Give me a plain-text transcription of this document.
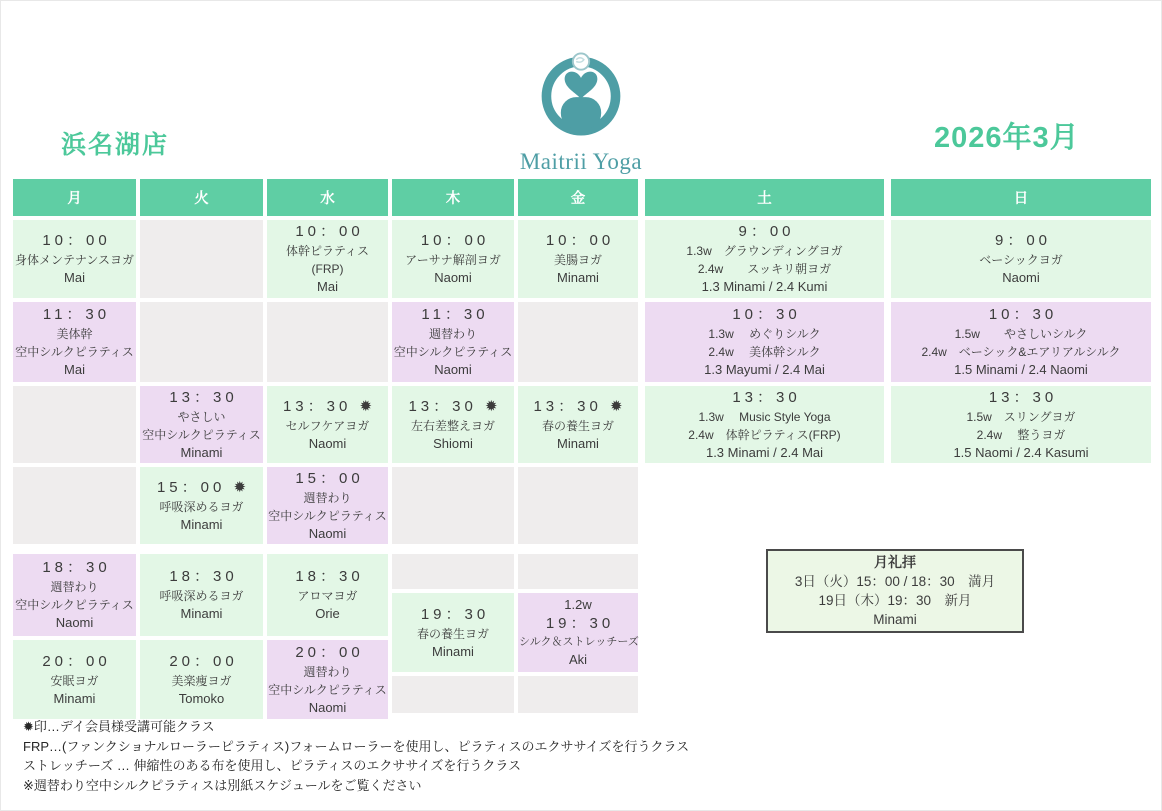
浜名湖店
Maitrii Yoga
2026年3月
月
10：00
身体メンテナンスヨガ
Mai
11：30
美体幹
空中シルクピラティス
Mai
18：30
週替わり
空中シルクピラティス
Naomi
20：00
安眠ヨガ
Minami
火
13：30
やさしい
空中シルクピラティス
Minami
15：00 ✹
呼吸深めるヨガ
Minami
18：30
呼吸深めるヨガ
Minami
20：00
美楽痩ヨガ
Tomoko
水
10：00
体幹ピラティス
(FRP)
Mai
13：30 ✹
セルフケアヨガ
Naomi
15：00
週替わり
空中シルクピラティス
Naomi
18：30
アロマヨガ
Orie
20：00
週替わり
空中シルクピラティス
Naomi
木
10：00
アーサナ解剖ヨガ
Naomi
11：30
週替わり
空中シルクピラティス
Naomi
13：30 ✹
左右差整えヨガ
Shiomi
19：30
春の養生ヨガ
Minami
金
10：00
美腸ヨガ
Minami
13：30 ✹
春の養生ヨガ
Minami
1.2w
19：30
シルク＆ストレッチーズ
Aki
土
9：00
1.3w　グラウンディングヨガ
2.4w　　スッキリ朝ヨガ
1.3 Minami / 2.4 Kumi
10：30
1.3w　 めぐりシルク
2.4w　 美体幹シルク
1.3 Mayumi / 2.4 Mai
13：30
1.3w　 Music Style Yoga
2.4w　体幹ピラティス(FRP)
1.3 Minami / 2.4 Mai
日
9：00
ベーシックヨガ
Naomi
10：30
1.5w　　やさしいシルク
2.4w　ベーシック&エアリアルシルク
1.5 Minami / 2.4 Naomi
13：30
1.5w　スリングヨガ
2.4w　 整うヨガ
1.5 Naomi / 2.4 Kasumi
月礼拝
3日（火）15：00 / 18：30　満月
19日（木）19：30　新月
Minami
✹印…デイ会員様受講可能クラス
FRP…(ファンクショナルローラーピラティス)フォームローラーを使用し、ピラティスのエクササイズを行うクラス
ストレッチーズ … 伸縮性のある布を使用し、ピラティスのエクササイズを行うクラス
※週替わり空中シルクピラティスは別紙スケジュールをご覧ください
